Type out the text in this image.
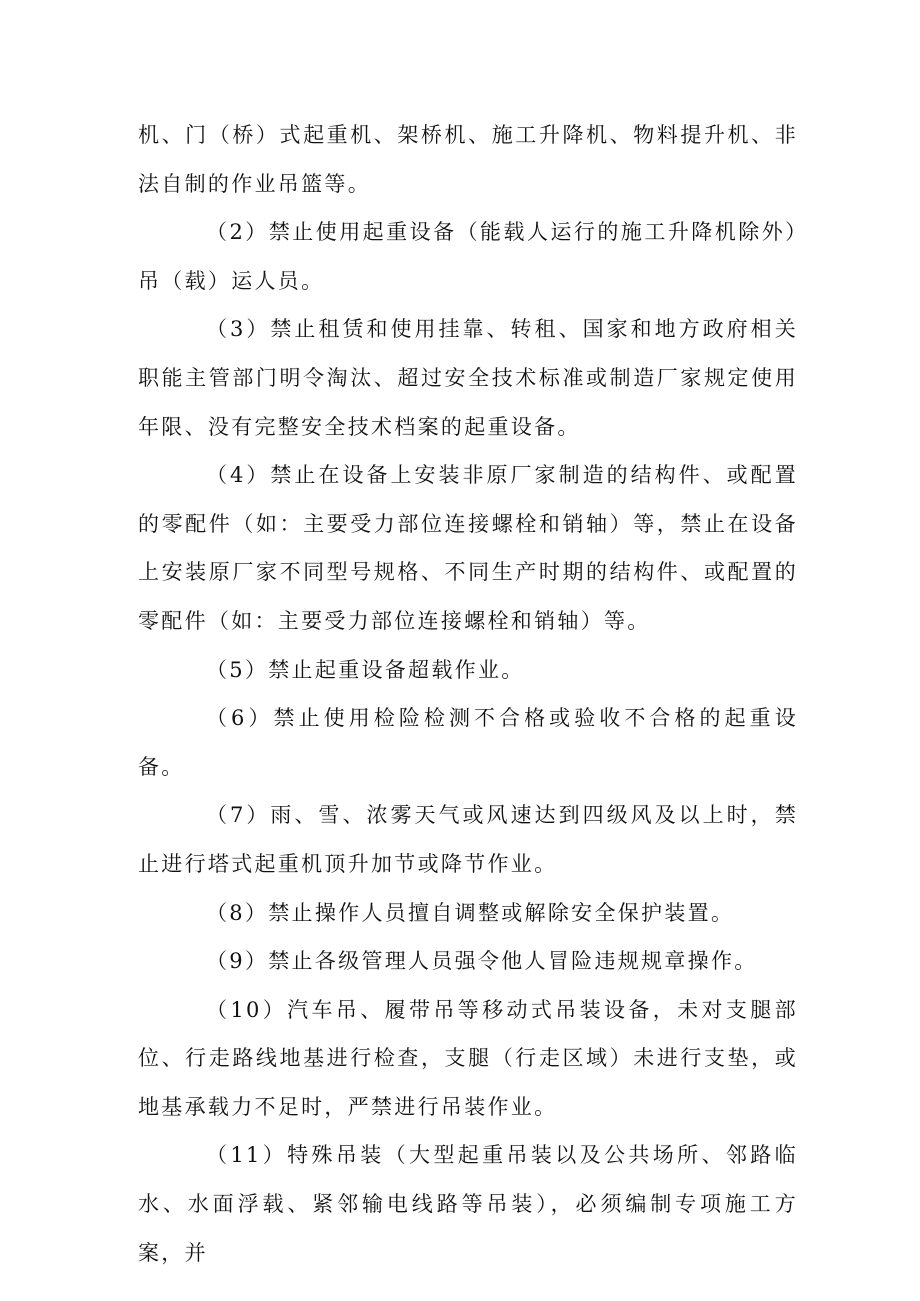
机、门（桥）式起重机、架桥机、施工升降机、物料提升机、非法自制的作业吊篮等。

（2）禁止使用起重设备（能载人运行的施工升降机除外）吊（载）运人员。

（3）禁止租赁和使用挂靠、转租、国家和地方政府相关职能主管部门明令淘汰、超过安全技术标准或制造厂家规定使用年限、没有完整安全技术档案的起重设备。

（4）禁止在设备上安装非原厂家制造的结构件、或配置的零配件（如：主要受力部位连接螺栓和销轴）等，禁止在设备上安装原厂家不同型号规格、不同生产时期的结构件、或配置的零配件（如：主要受力部位连接螺栓和销轴）等。

（5）禁止起重设备超载作业。

（6）禁止使用检险检测不合格或验收不合格的起重设备。

（7）雨、雪、浓雾天气或风速达到四级风及以上时，禁止进行塔式起重机顶升加节或降节作业。

（8）禁止操作人员擅自调整或解除安全保护装置。

（9）禁止各级管理人员强令他人冒险违规规章操作。

（10）汽车吊、履带吊等移动式吊装设备，未对支腿部位、行走路线地基进行检查，支腿（行走区域）未进行支垫，或地基承载力不足时，严禁进行吊装作业。

（11）特殊吊装（大型起重吊装以及公共场所、邻路临水、水面浮载、紧邻输电线路等吊装），必须编制专项施工方案，并
